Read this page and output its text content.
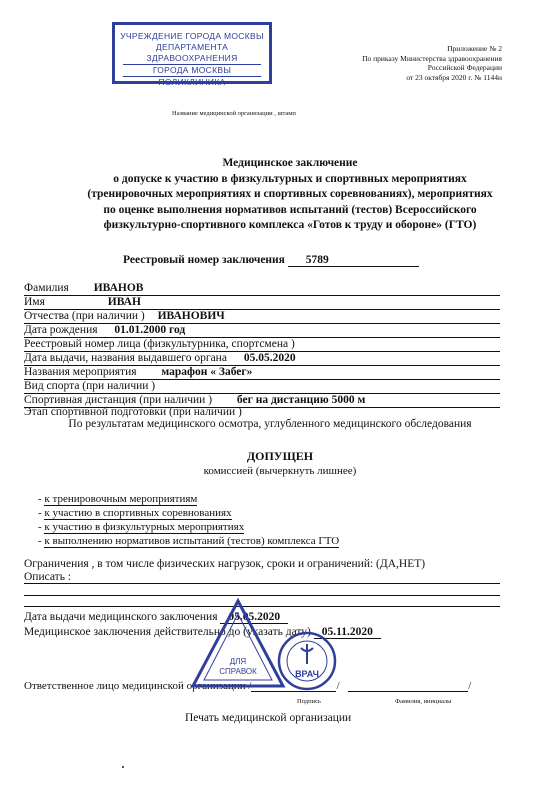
УЧРЕЖДЕНИЕ ГОРОДА МОСКВЫ
ДЕПАРТАМЕНТА ЗДРАВООХРАНЕНИЯ
ГОРОДА МОСКВЫ
ПОЛИКЛИНИКА
Приложение № 2
По приказу Министерства здравоохранения
Российской Федерации
от 23 октября 2020 г. № 1144н
Название медицинской организации , штамп
Медицинское заключение
о допуске к участию в физкультурных и спортивных мероприятиях
(тренировочных мероприятиях и спортивных соревнованиях), мероприятиях
по оценке выполнения нормативов испытаний (тестов) Всероссийского
физкультурно-спортивного комплекса «Готов к труду и обороне» (ГТО)
Реестровый номер заключения 5789
Фамилия ИВАНОВ
Имя	ИВАН
Отчества (при наличии ) ИВАНОВИЧ
Дата рождения 01.01.2000 год
Реестровый номер лица (физкультурника, спортсмена )
Дата выдачи, названия выдавшего органа 05.05.2020
Названия мероприятия марафон « Забег»
Вид спорта (при наличии )
Спортивная дистанция (при наличии ) бег на дистанцию 5000 м
Этап спортивной подготовки (при наличии )
По результатам медицинского осмотра, углубленного медицинского обследования
ДОПУЩЕН
комиссией (вычеркнуть лишнее)
- к тренировочным мероприятиям
- к участию в спортивных соревнованиях
- к участию в физкультурных мероприятиях
- к выполнению нормативов испытаний (тестов) комплекса ГТО
Ограничения , в том числе физических нагрузок, сроки и ограничений: (ДА,НЕТ)
Описать :
Дата выдачи медицинского заключения 05.05.2020
Медицинское заключения действительно до (указать дату) 05.11.2020
Ответственное лицо медицинской организации /	/	/
Подпись	Фамилия, инициалы
ДЛЯ
СПРАВОК	ВРАЧ
Печать медицинской организации
